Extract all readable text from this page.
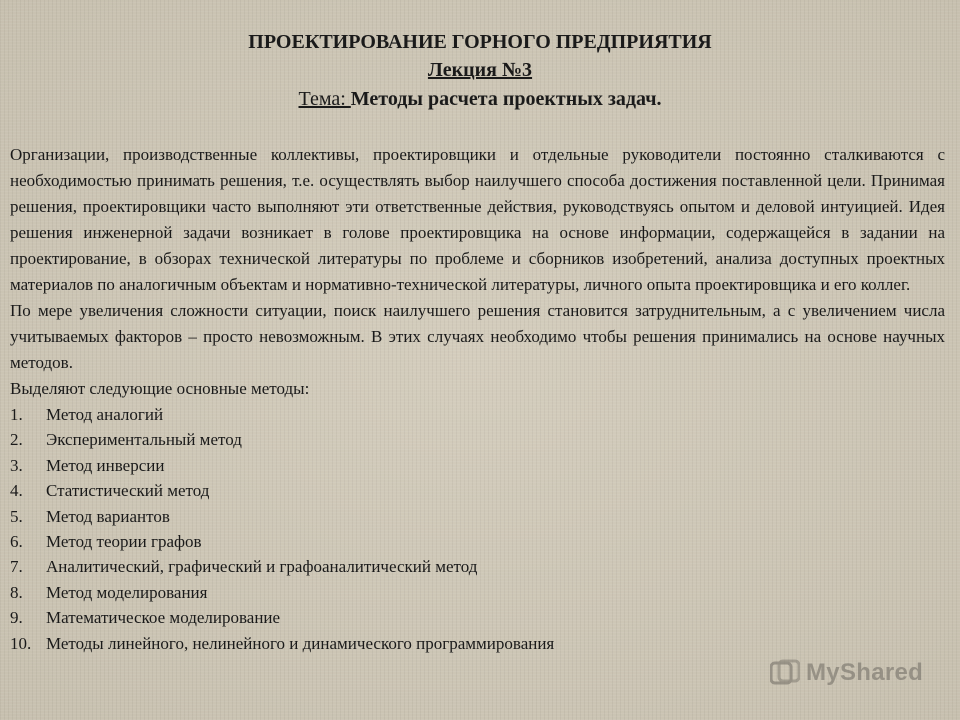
ПРОЕКТИРОВАНИЕ ГОРНОГО ПРЕДПРИЯТИЯ

Лекция №3

Тема: Методы расчета проектных задач.

Организации, производственные коллективы, проектировщики и отдельные руководители постоянно сталкиваются с необходимостью принимать решения, т.е. осуществлять выбор наилучшего способа достижения поставленной цели. Принимая решения, проектировщики часто выполняют эти ответственные действия, руководствуясь опытом и деловой интуицией. Идея решения инженерной задачи возникает в голове проектировщика на основе информации, содержащейся в задании на проектирование, в обзорах технической литературы по проблеме и сборников изобретений, анализа доступных проектных материалов по аналогичным объектам и нормативно-технической литературы, личного опыта проектировщика и его коллег.

По мере увеличения сложности ситуации, поиск наилучшего решения становится затруднительным, а с увеличением числа учитываемых факторов – просто невозможным. В этих случаях необходимо чтобы решения принимались на основе научных методов.

Выделяют следующие основные методы:

1.	Метод аналогий
2.	Экспериментальный метод
3.	Метод инверсии
4.	Статистический метод
5.	Метод вариантов
6.	Метод теории графов
7.	Аналитический, графический и графоаналитический метод
8.	Метод моделирования
9.	Математическое моделирование
10. Методы линейного, нелинейного и динамического программирования
MyShared
